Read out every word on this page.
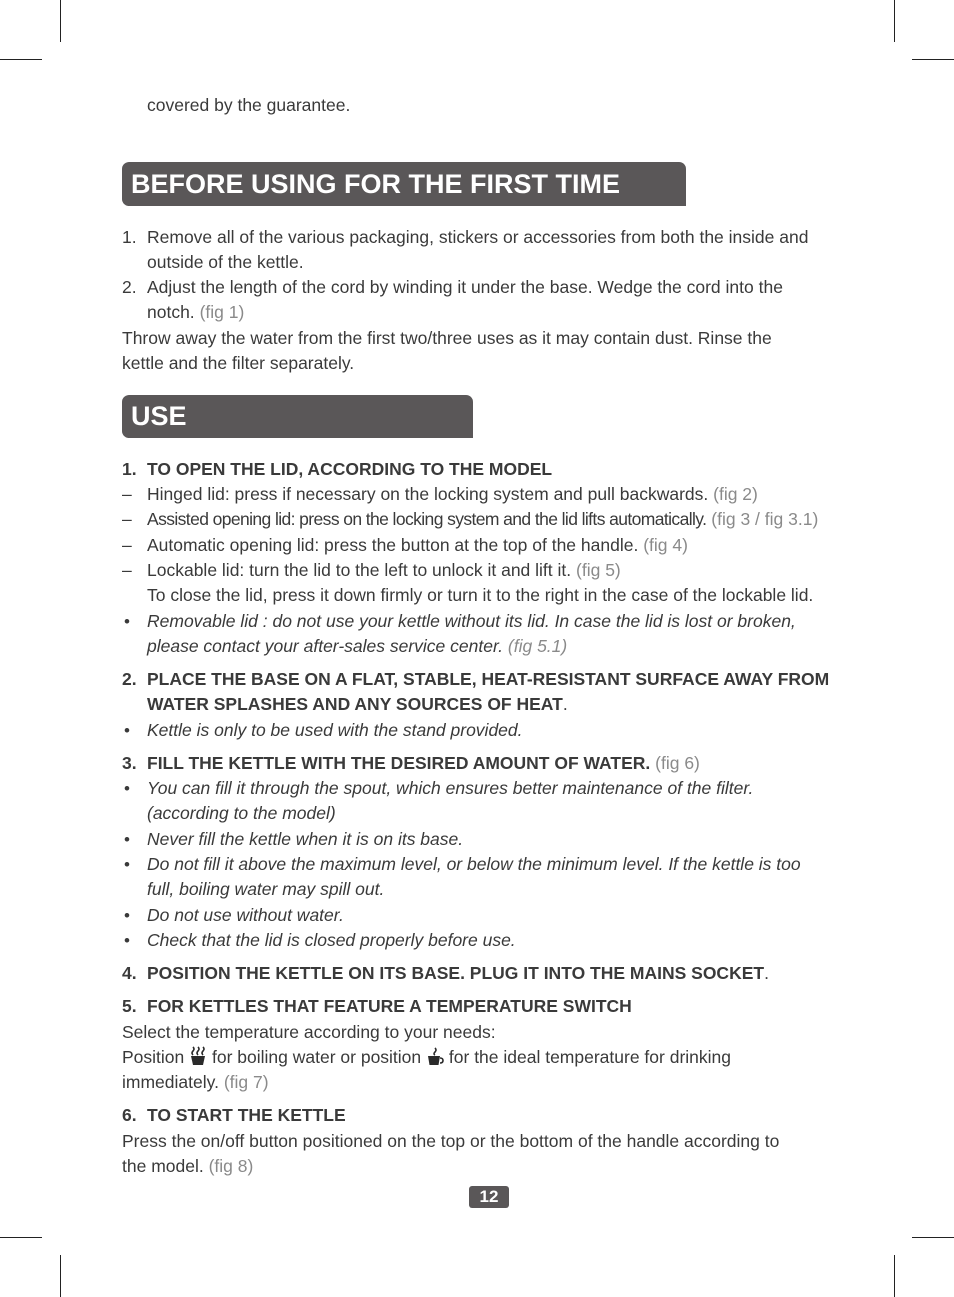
covered by the guarantee.
BEFORE USING FOR THE FIRST TIME
1. Remove all of the various packaging, stickers or accessories from both the inside and
outside of the kettle.
2. Adjust the length of the cord by winding it under the base. Wedge the cord into the
notch. (fig 1)
Throw away the water from the first two/three uses as it may contain dust. Rinse the
kettle and the filter separately.
USE
1. TO OPEN THE LID, ACCORDING TO THE MODEL
– Hinged lid: press if necessary on the locking system and pull backwards. (fig 2)
– Assisted opening lid: press on the locking system and the lid lifts automatically. (fig 3 / fig 3.1)
– Automatic opening lid: press the button at the top of the handle. (fig 4)
– Lockable lid: turn the lid to the left to unlock it and lift it. (fig 5)
To close the lid, press it down firmly or turn it to the right in the case of the lockable lid.
• Removable lid : do not use your kettle without its lid. In case the lid is lost or broken,
please contact your after-sales service center. (fig 5.1)
2. PLACE THE BASE ON A FLAT, STABLE, HEAT-RESISTANT SURFACE AWAY FROM
WATER SPLASHES AND ANY SOURCES OF HEAT.
• Kettle is only to be used with the stand provided.
3. FILL THE KETTLE WITH THE DESIRED AMOUNT OF WATER. (fig 6)
• You can fill it through the spout, which ensures better maintenance of the filter.
(according to the model)
• Never fill the kettle when it is on its base.
• Do not fill it above the maximum level, or below the minimum level. If the kettle is too
full, boiling water may spill out.
• Do not use without water.
• Check that the lid is closed properly before use.
4. POSITION THE KETTLE ON ITS BASE. PLUG IT INTO THE MAINS SOCKET.
5. FOR KETTLES THAT FEATURE A TEMPERATURE SWITCH
Select the temperature according to your needs:
Position for boiling water or position for the ideal temperature for drinking
immediately. (fig 7)
6. TO START THE KETTLE
Press the on/off button positioned on the top or the bottom of the handle according to
the model. (fig 8)
12
